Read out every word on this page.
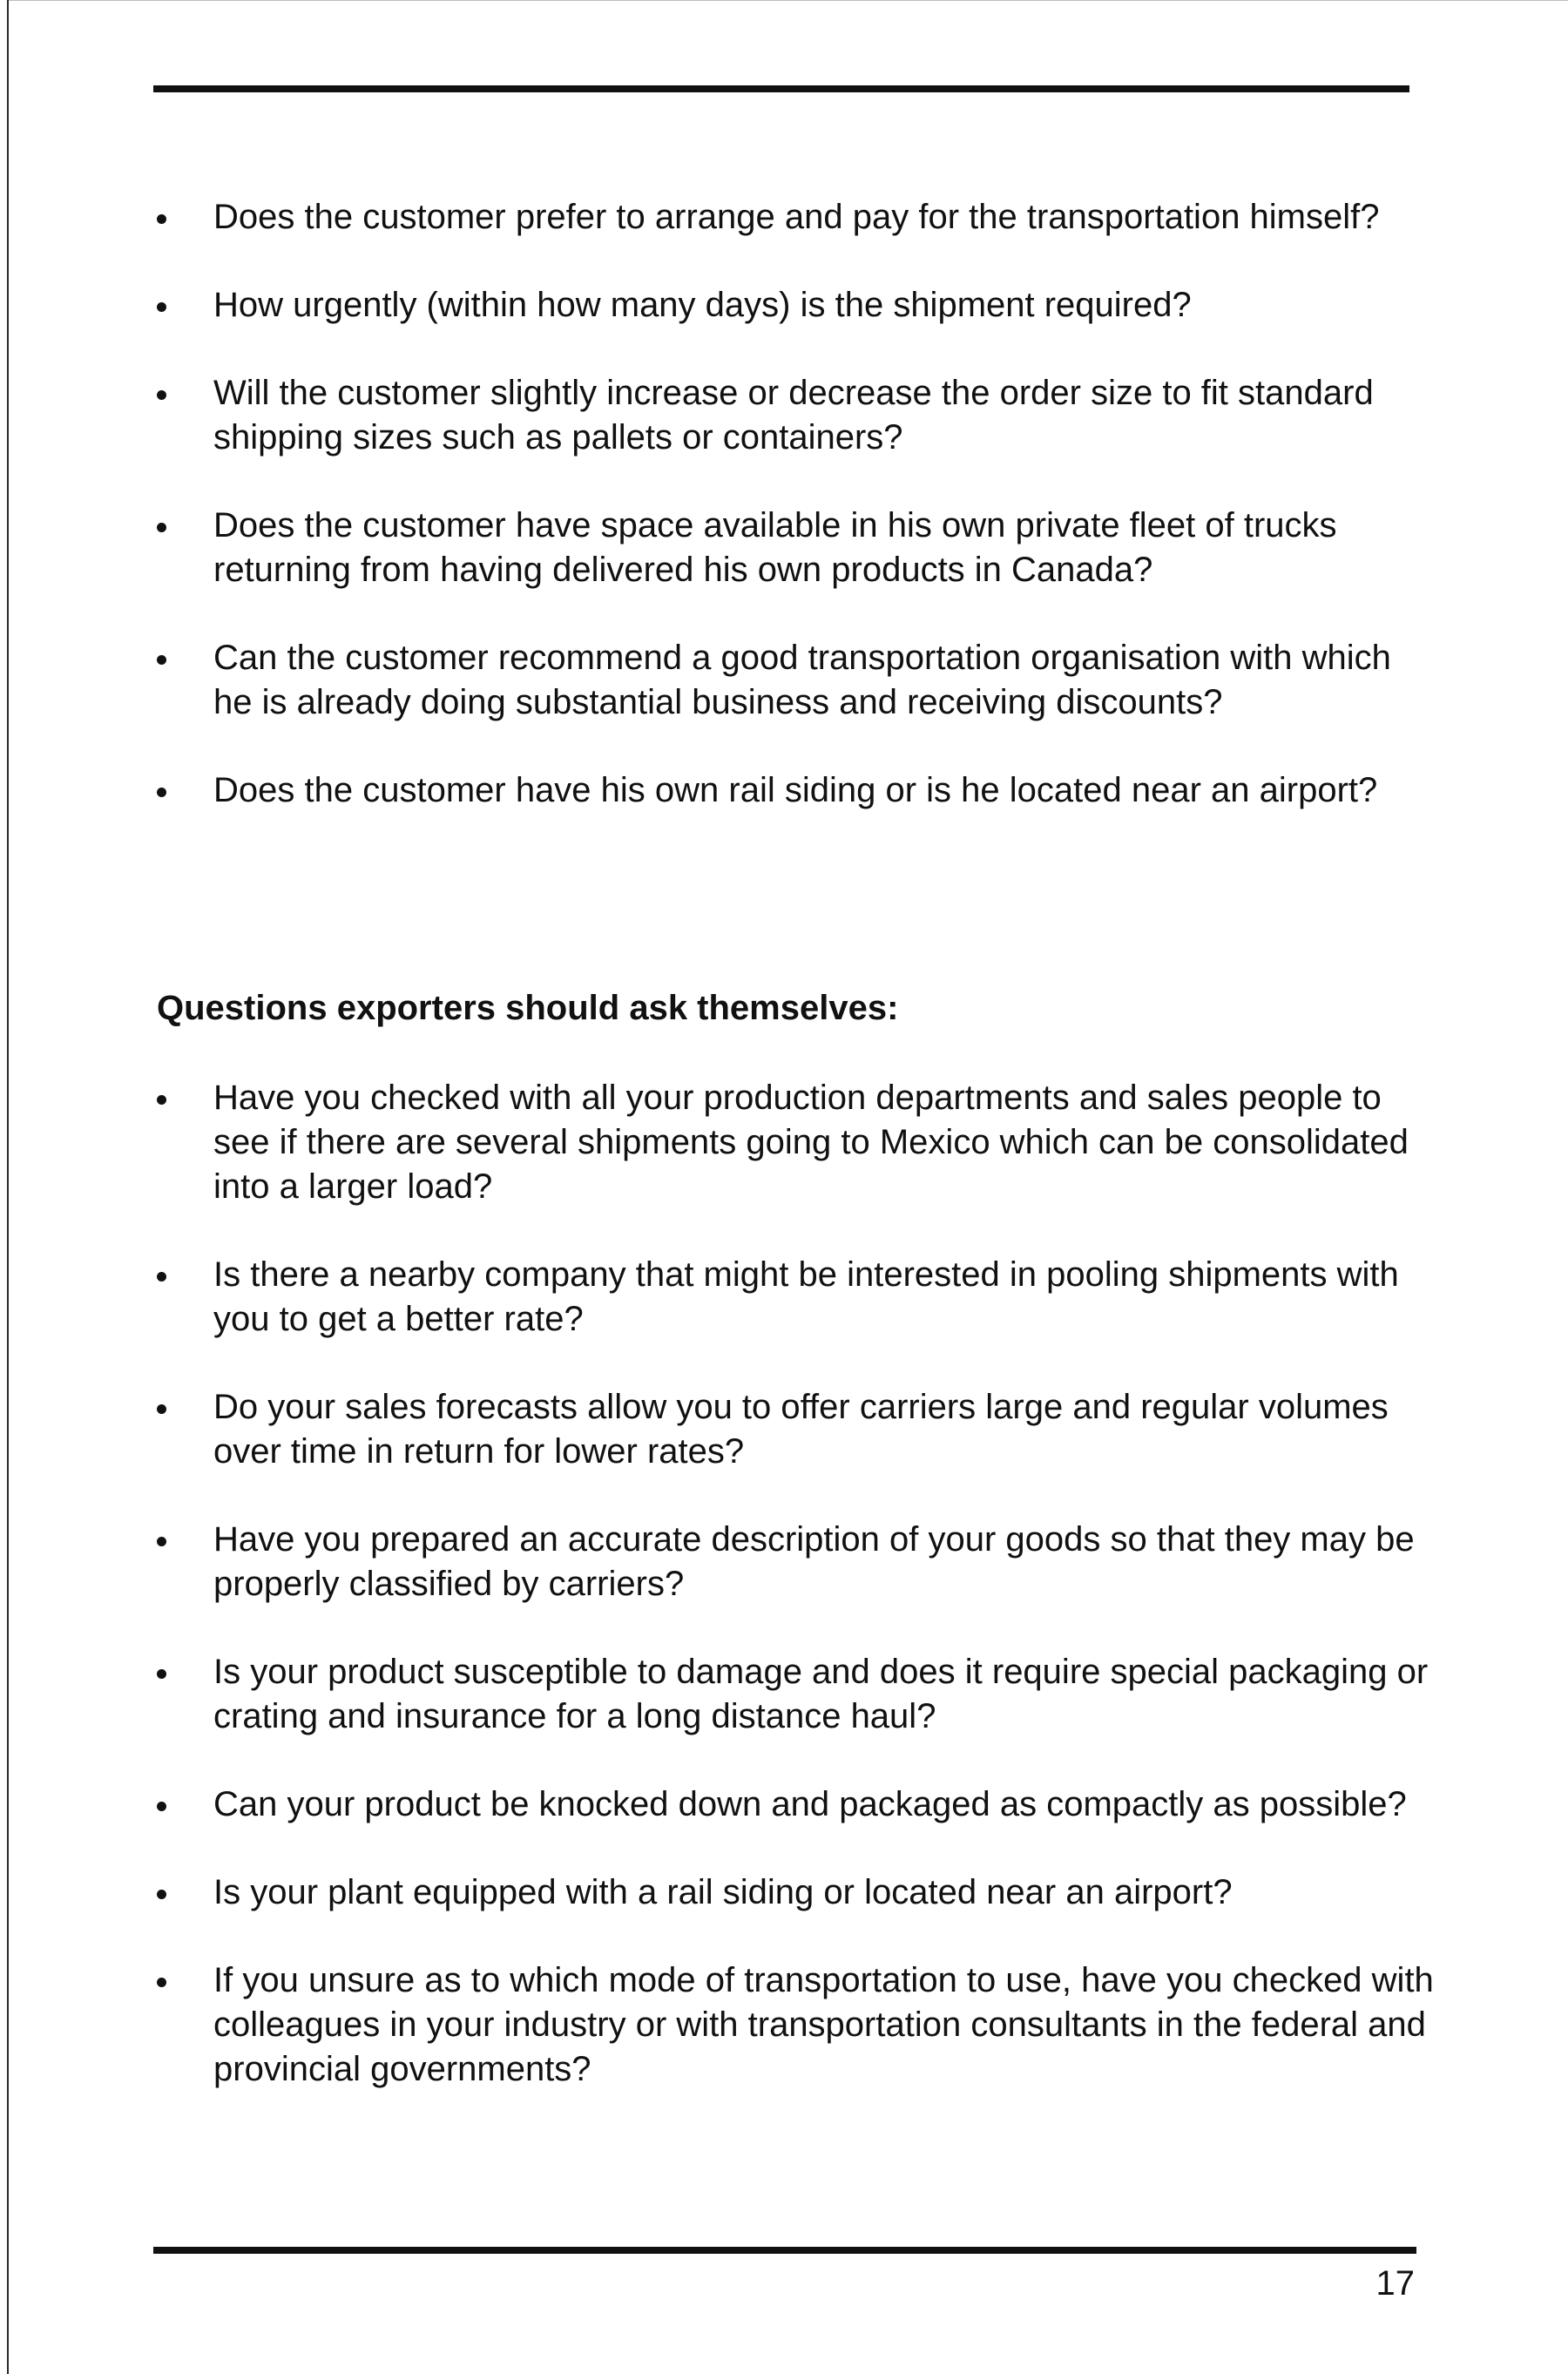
Does the customer prefer to arrange and pay for the transportation himself?
How urgently (within how many days) is the shipment required?
Will the customer slightly increase or decrease the order size to fit standard shipping sizes such as pallets or containers?
Does the customer have space available in his own private fleet of trucks returning from having delivered his own products in Canada?
Can the customer recommend a good transportation organisation with which he is already doing substantial business and receiving discounts?
Does the customer have his own rail siding or is he located near an airport?
Questions exporters should ask themselves:
Have you checked with all your production departments and sales people to see if there are several shipments going to Mexico which can be consolidated into a larger load?
Is there a nearby company that might be interested in pooling shipments with you to get a better rate?
Do your sales forecasts allow you to offer carriers large and regular volumes over time in return for lower rates?
Have you prepared an accurate description of your goods so that they may be properly classified by carriers?
Is your product susceptible to damage and does it require special packaging or crating and insurance for a long distance haul?
Can your product be knocked down and packaged as compactly as possible?
Is your plant equipped with a rail siding or located near an airport?
If you unsure as to which mode of transportation to use, have you checked with colleagues in your industry or with transportation consultants in the federal and provincial governments?
17
